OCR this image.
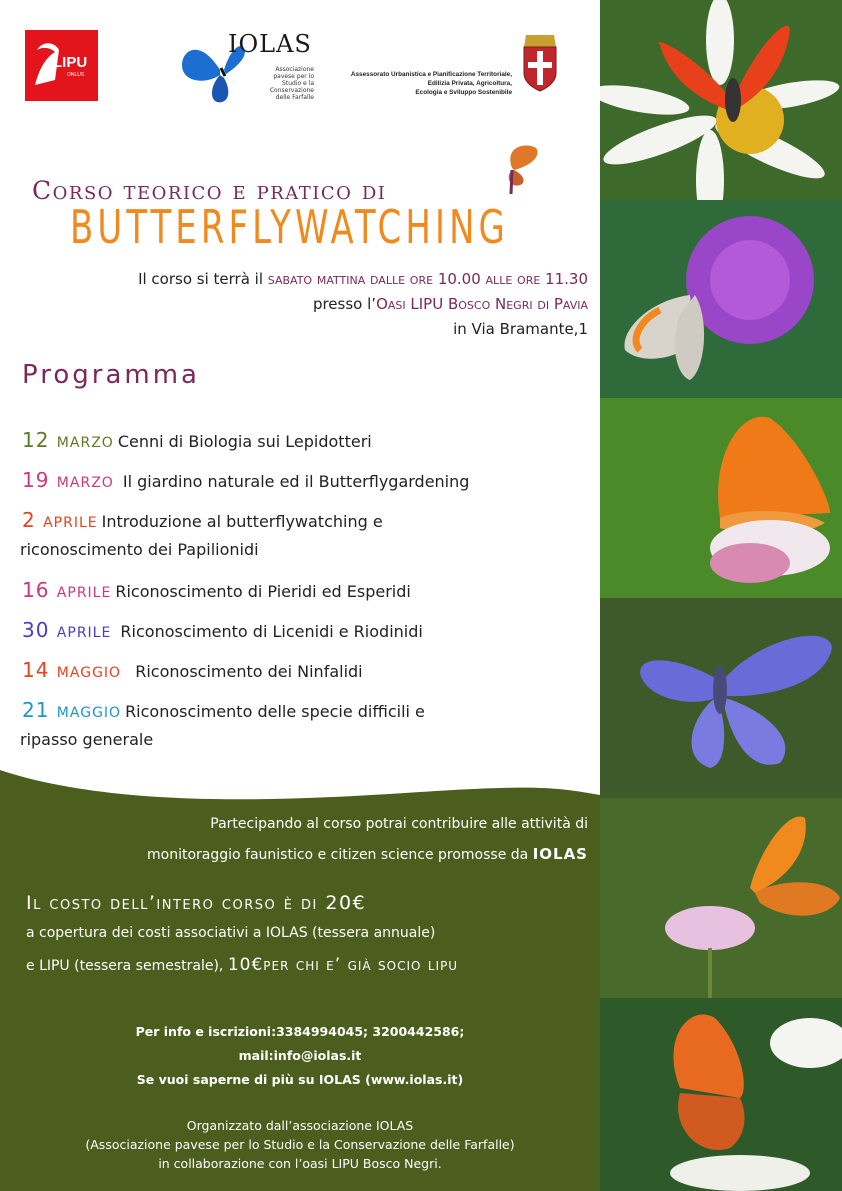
LIPU
ONLUS
IOLAS
Associazione pavese per lo Studio e la Conservazione delle Farfalle
Assessorato Urbanistica e Pianificazione Territoriale,
Edilizia Privata, Agricoltura,
Ecologia e Sviluppo Sostenibile
Corso teorico e pratico di
BUTTERFLYWATCHING
Il corso si terrà il sabato mattina dalle ore 10.00 alle ore 11.30
presso l’Oasi LIPU Bosco Negri di Pavia
in Via Bramante,1
Programma
12 marzo Cenni di Biologia sui Lepidotteri
19 marzo Il giardino naturale ed il Butterflygardening
2 aprile Introduzione al butterflywatching e
riconoscimento dei Papilionidi
16 aprile Riconoscimento di Pieridi ed Esperidi
30 aprile Riconoscimento di Licenidi e Riodinidi
14 maggio  Riconoscimento dei Ninfalidi
21 maggio Riconoscimento delle specie difficili e
ripasso generale
Partecipando al corso potrai contribuire alle attività di
monitoraggio faunistico e citizen science promosse da IOLAS
Il costo dell’intero corso è di 20€
a copertura dei costi associativi a IOLAS (tessera annuale)
e LIPU (tessera semestrale), 10€per chi e’ già socio lipu
Per info e iscrizioni:3384994045; 3200442586;
mail:info@iolas.it
Se vuoi saperne di più su IOLAS (www.iolas.it)
Organizzato dall’associazione IOLAS
(Associazione pavese per lo Studio e la Conservazione delle Farfalle)
in collaborazione con l’oasi LIPU Bosco Negri.
